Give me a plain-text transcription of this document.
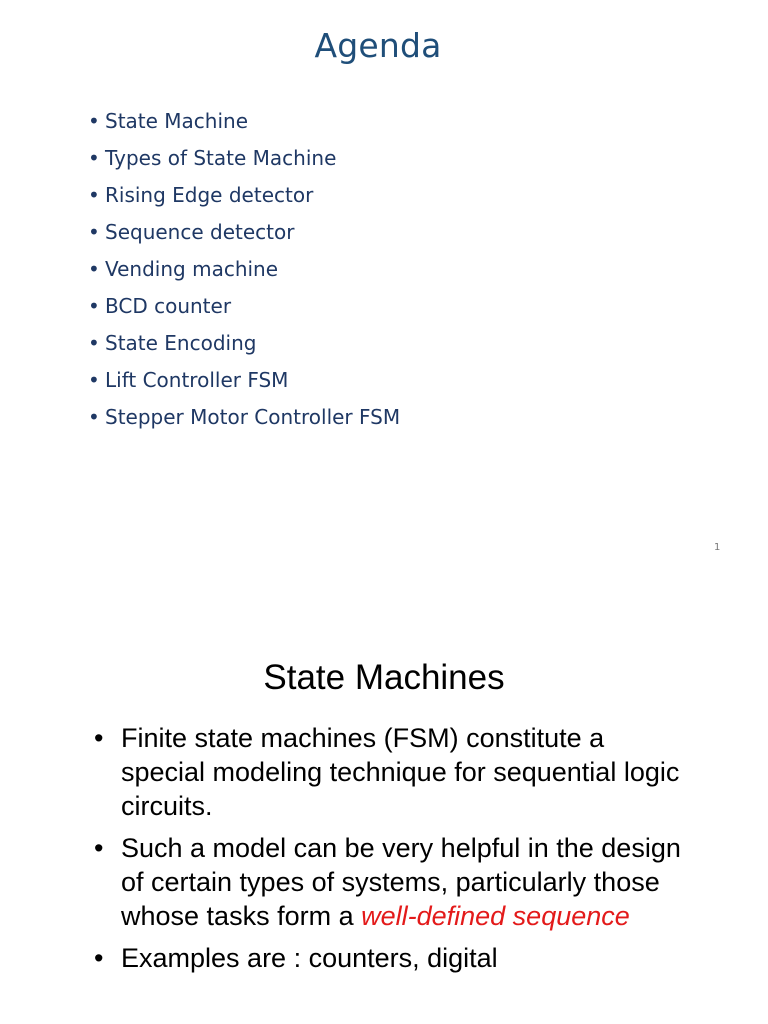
Agenda
• State Machine
• Types of State Machine
• Rising Edge detector
• Sequence detector
• Vending machine
• BCD counter
• State Encoding
• Lift Controller FSM
• Stepper Motor Controller FSM
1
State Machines
• Finite state machines (FSM) constitute a special modeling technique for sequential logic circuits.
• Such a model can be very helpful in the design of certain types of systems, particularly those whose tasks form a well-defined sequence
• Examples are : counters, digital
